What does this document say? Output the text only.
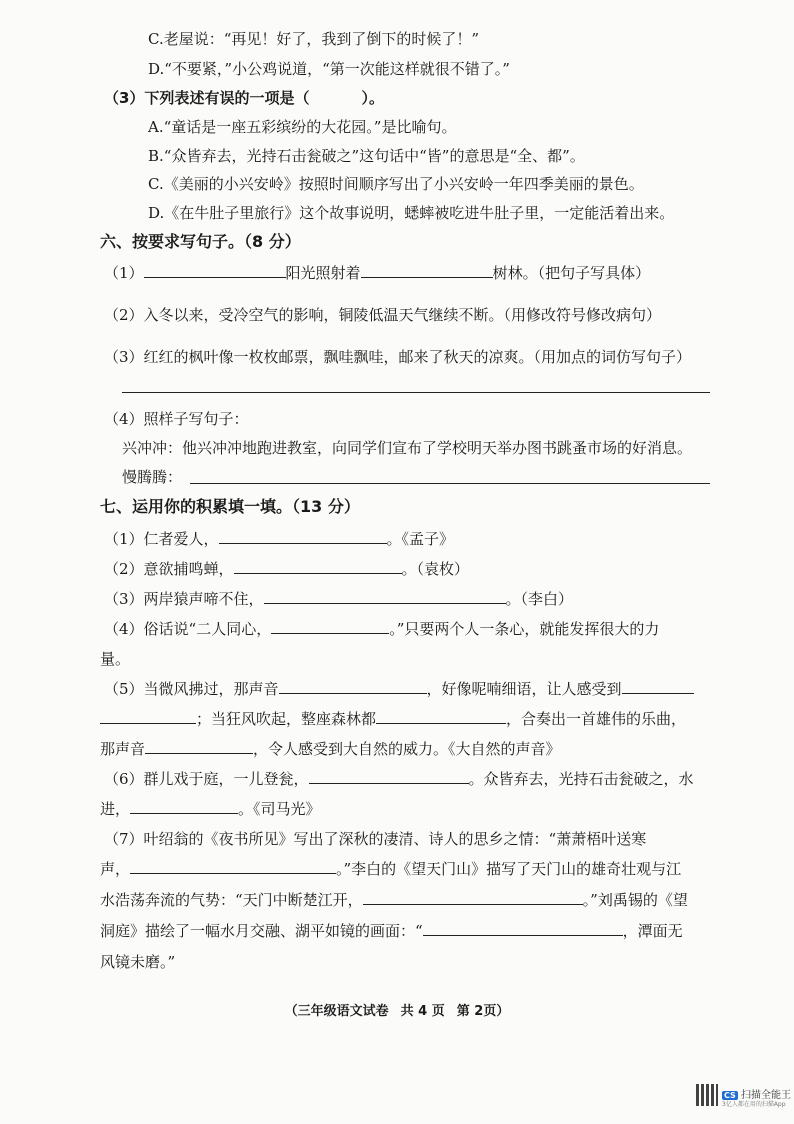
C.老屋说：“再见！好了，我到了倒下的时候了！”
D.“不要紧，”小公鸡说道，“第一次能这样就很不错了。”
（3）下列表述有误的一项是（	）。
A.“童话是一座五彩缤纷的大花园。”是比喻句。
B.“众皆弃去，光持石击瓮破之”这句话中“皆”的意思是“全、都”。
C.《美丽的小兴安岭》按照时间顺序写出了小兴安岭一年四季美丽的景色。
D.《在牛肚子里旅行》这个故事说明，蟋蟀被吃进牛肚子里，一定能活着出来。
六、按要求写句子。（8 分）
（1）	阳光照射着	树林。（把句子写具体）
（2）入冬以来，受冷空气的影响，铜陵低温天气继续不断。（用修改符号修改病句）
（3）红红的枫叶像一枚枚邮票，飘哇飘哇，邮来了秋天的凉爽。（用加点的词仿写句子）
（4）照样子写句子：
兴冲冲：他兴冲冲地跑进教室，向同学们宣布了学校明天举办图书跳蚤市场的好消息。
慢腾腾：
七、运用你的积累填一填。（13 分）
（1）仁者爱人，	。《孟子》
（2）意欲捕鸣蝉，	。（袁枚）
（3）两岸猿声啼不住，	。（李白）
（4）俗话说“二人同心，	。”只要两个人一条心，就能发挥很大的力
量。
（5）当微风拂过，那声音	，好像呢喃细语，让人感受到
；当狂风吹起，整座森林都	，合奏出一首雄伟的乐曲，
那声音	，令人感受到大自然的威力。《大自然的声音》
（6）群儿戏于庭，一儿登瓮，	。众皆弃去，光持石击瓮破之，水
进，	。《司马光》
（7）叶绍翁的《夜书所见》写出了深秋的凄清、诗人的思乡之情：“萧萧梧叶送寒
声，	。”李白的《望天门山》描写了天门山的雄奇壮观与江
水浩荡奔流的气势：“天门中断楚江开，	。”刘禹锡的《望
洞庭》描绘了一幅水月交融、湖平如镜的画面：“	，潭面无
风镜未磨。”
（三年级语文试卷 共 4 页 第 2页）
CS 扫描全能王
3亿人都在用的扫描App
